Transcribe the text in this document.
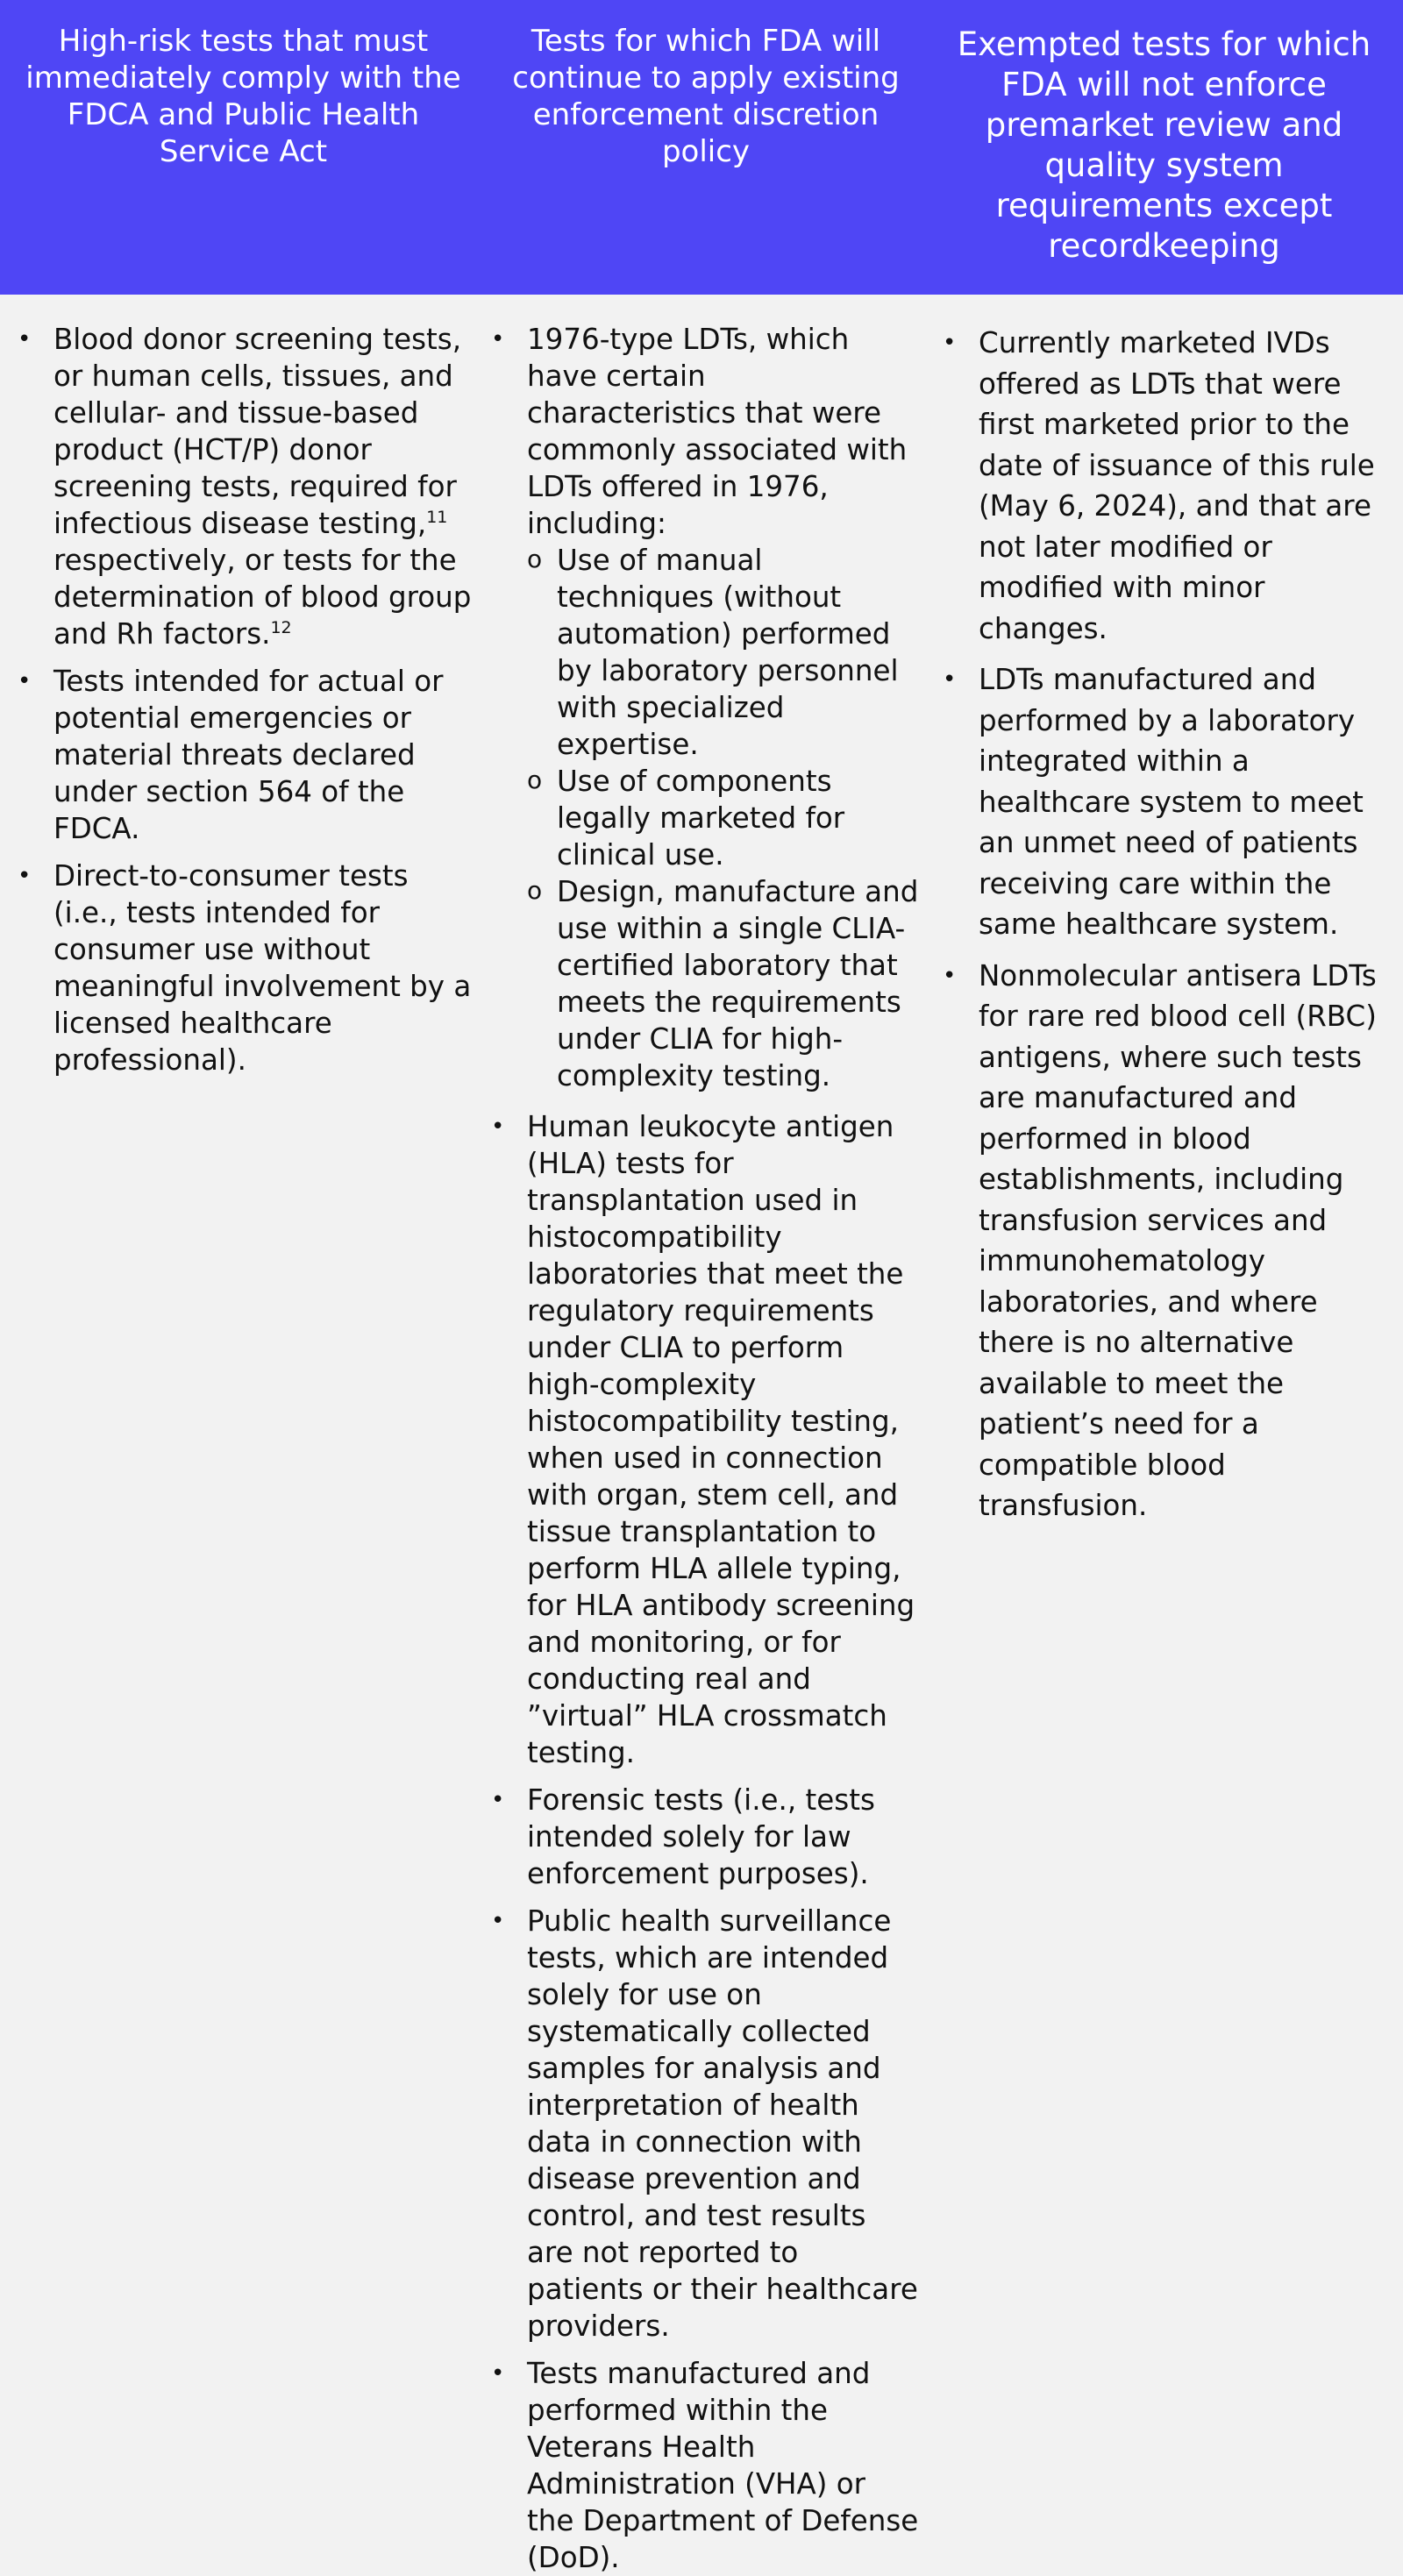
High-risk tests that must immediately comply with the FDCA and Public Health Service Act
Tests for which FDA will continue to apply existing enforcement discretion policy
Exempted tests for which FDA will not enforce premarket review and quality system requirements except recordkeeping
• Blood donor screening tests, or human cells, tissues, and cellular- and tissue-based product (HCT/P) donor screening tests, required for infectious disease testing,$^{11}$ respectively, or tests for the determination of blood group and Rh factors.$^{12}$
• Tests intended for actual or potential emergencies or material threats declared under section 564 of the FDCA.
• Direct-to-consumer tests (i.e., tests intended for consumer use without meaningful involvement by a licensed healthcare professional).
• 1976-type LDTs, which have certain characteristics that were commonly associated with LDTs offered in 1976, including:
o Use of manual techniques (without automation) performed by laboratory personnel with specialized expertise.
o Use of components legally marketed for clinical use.
o Design, manufacture and use within a single CLIA-certified laboratory that meets the requirements under CLIA for high-complexity testing.
• Human leukocyte antigen (HLA) tests for transplantation used in histocompatibility laboratories that meet the regulatory requirements under CLIA to perform high-complexity histocompatibility testing, when used in connection with organ, stem cell, and tissue transplantation to perform HLA allele typing, for HLA antibody screening and monitoring, or for conducting real and ”virtual” HLA crossmatch testing.
• Forensic tests (i.e., tests intended solely for law enforcement purposes).
• Public health surveillance tests, which are intended solely for use on systematically collected samples for analysis and interpretation of health data in connection with disease prevention and control, and test results are not reported to patients or their healthcare providers.
• Tests manufactured and performed within the Veterans Health Administration (VHA) or the Department of Defense (DoD).
• Currently marketed IVDs offered as LDTs that were first marketed prior to the date of issuance of this rule (May 6, 2024), and that are not later modified or modified with minor changes.
• LDTs manufactured and performed by a laboratory integrated within a healthcare system to meet an unmet need of patients receiving care within the same healthcare system.
• Nonmolecular antisera LDTs for rare red blood cell (RBC) antigens, where such tests are manufactured and performed in blood establishments, including transfusion services and immunohematology laboratories, and where there is no alternative available to meet the patient’s need for a compatible blood transfusion.
